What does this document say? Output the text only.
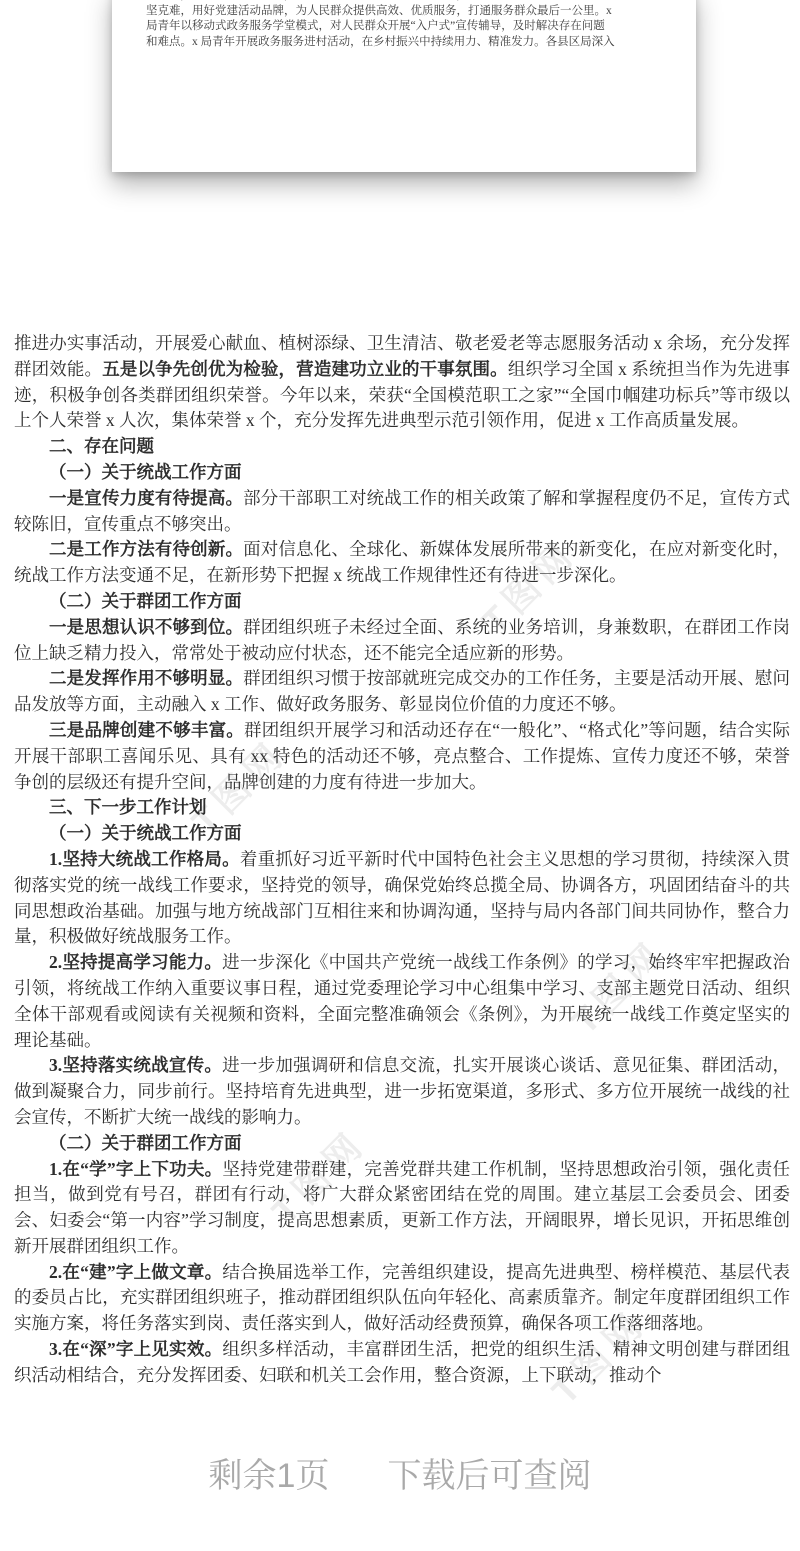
坚克难，用好党建活动品牌，为人民群众提供高效、优质服务，打通服务群众最后一公里。x
局青年以移动式政务服务学堂模式，对人民群众开展“入户式”宣传辅导，及时解决存在问题
和难点。x 局青年开展政务服务进村活动，在乡村振兴中持续用力、精准发力。各县区局深入
T图网
T图网
T图网
T图网
T图网

推进办实事活动，开展爱心献血、植树添绿、卫生清洁、敬老爱老等志愿服务活动 x 余场，充分发挥群团效能。五是以争先创优为检验，营造建功立业的干事氛围。组织学习全国 x 系统担当作为先进事迹，积极争创各类群团组织荣誉。今年以来，荣获“全国模范职工之家”“全国巾帼建功标兵”等市级以上个人荣誉 x 人次，集体荣誉 x 个，充分发挥先进典型示范引领作用，促进 x 工作高质量发展。

二、存在问题

（一）关于统战工作方面

一是宣传力度有待提高。部分干部职工对统战工作的相关政策了解和掌握程度仍不足，宣传方式较陈旧，宣传重点不够突出。

二是工作方法有待创新。面对信息化、全球化、新媒体发展所带来的新变化，在应对新变化时，统战工作方法变通不足，在新形势下把握 x 统战工作规律性还有待进一步深化。

（二）关于群团工作方面

一是思想认识不够到位。群团组织班子未经过全面、系统的业务培训，身兼数职，在群团工作岗位上缺乏精力投入，常常处于被动应付状态，还不能完全适应新的形势。

二是发挥作用不够明显。群团组织习惯于按部就班完成交办的工作任务，主要是活动开展、慰问品发放等方面，主动融入 x 工作、做好政务服务、彰显岗位价值的力度还不够。

三是品牌创建不够丰富。群团组织开展学习和活动还存在“一般化”、“格式化”等问题，结合实际开展干部职工喜闻乐见、具有 xx 特色的活动还不够，亮点整合、工作提炼、宣传力度还不够，荣誉争创的层级还有提升空间，品牌创建的力度有待进一步加大。

三、下一步工作计划

（一）关于统战工作方面

1.坚持大统战工作格局。着重抓好习近平新时代中国特色社会主义思想的学习贯彻，持续深入贯彻落实党的统一战线工作要求，坚持党的领导，确保党始终总揽全局、协调各方，巩固团结奋斗的共同思想政治基础。加强与地方统战部门互相往来和协调沟通，坚持与局内各部门间共同协作，整合力量，积极做好统战服务工作。

2.坚持提高学习能力。进一步深化《中国共产党统一战线工作条例》的学习，始终牢牢把握政治引领，将统战工作纳入重要议事日程，通过党委理论学习中心组集中学习、支部主题党日活动、组织全体干部观看或阅读有关视频和资料，全面完整准确领会《条例》，为开展统一战线工作奠定坚实的理论基础。

3.坚持落实统战宣传。进一步加强调研和信息交流，扎实开展谈心谈话、意见征集、群团活动，做到凝聚合力，同步前行。坚持培育先进典型，进一步拓宽渠道，多形式、多方位开展统一战线的社会宣传，不断扩大统一战线的影响力。

（二）关于群团工作方面

1.在“学”字上下功夫。坚持党建带群建，完善党群共建工作机制，坚持思想政治引领，强化责任担当，做到党有号召，群团有行动，将广大群众紧密团结在党的周围。建立基层工会委员会、团委会、妇委会“第一内容”学习制度，提高思想素质，更新工作方法，开阔眼界，增长见识，开拓思维创新开展群团组织工作。

2.在“建”字上做文章。结合换届选举工作，完善组织建设，提高先进典型、榜样模范、基层代表的委员占比，充实群团组织班子，推动群团组织队伍向年轻化、高素质靠齐。制定年度群团组织工作实施方案，将任务落实到岗、责任落实到人，做好活动经费预算，确保各项工作落细落地。

3.在“深”字上见实效。组织多样活动，丰富群团生活，把党的组织生活、精神文明创建与群团组织活动相结合，充分发挥团委、妇联和机关工会作用，整合资源，上下联动，推动个

剩余1页 下载后可查阅
